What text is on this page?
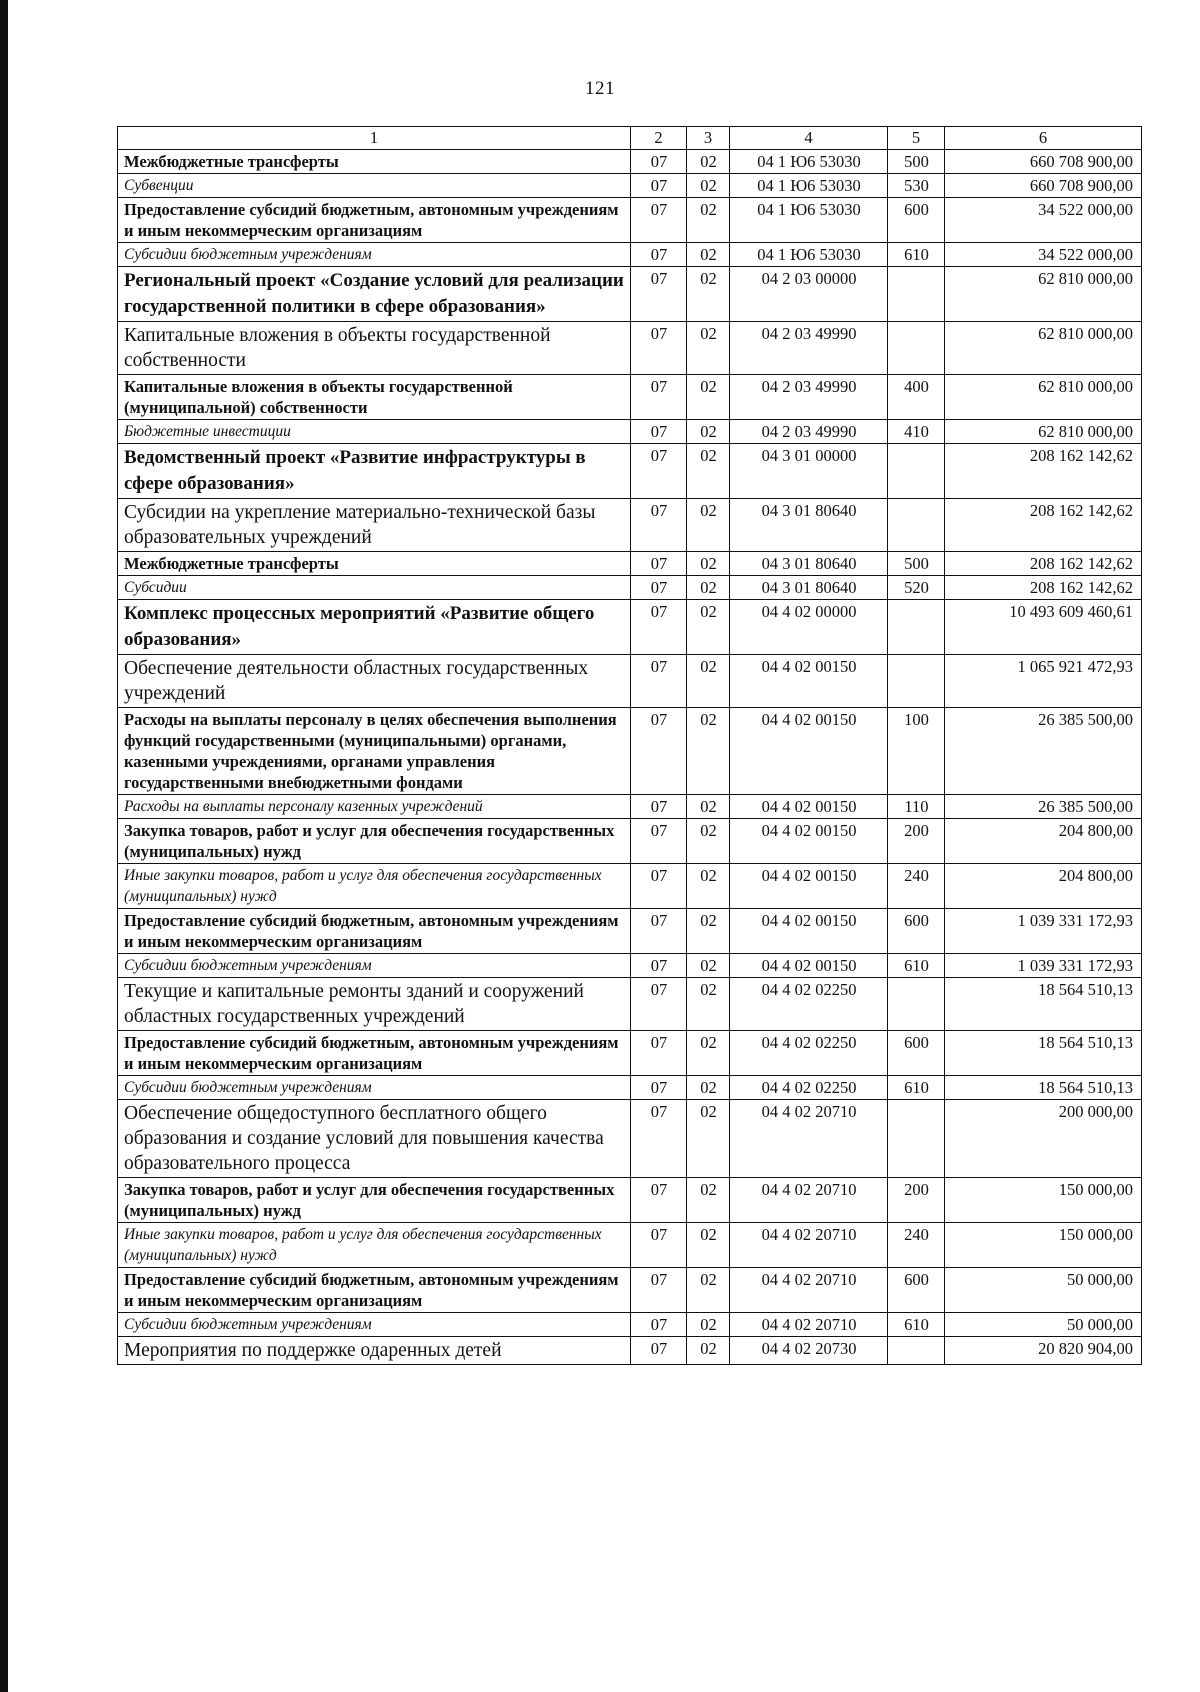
121
1	2	3	4	5	6
Межбюджетные трансферты	07	02	04 1 Ю6 53030	500	660 708 900,00
Субвенции	07	02	04 1 Ю6 53030	530	660 708 900,00
Предоставление субсидий бюджетным, автономным учреждениям и иным некоммерческим организациям	07	02	04 1 Ю6 53030	600	34 522 000,00
Субсидии бюджетным учреждениям	07	02	04 1 Ю6 53030	610	34 522 000,00
Региональный проект «Создание условий для реализации государственной политики в сфере образования»	07	02	04 2 03 00000		62 810 000,00
Капитальные вложения в объекты государственной собственности	07	02	04 2 03 49990		62 810 000,00
Капитальные вложения в объекты государственной (муниципальной) собственности	07	02	04 2 03 49990	400	62 810 000,00
Бюджетные инвестиции	07	02	04 2 03 49990	410	62 810 000,00
Ведомственный проект «Развитие инфраструктуры в сфере образования»	07	02	04 3 01 00000		208 162 142,62
Субсидии на укрепление материально-технической базы образовательных учреждений	07	02	04 3 01 80640		208 162 142,62
Межбюджетные трансферты	07	02	04 3 01 80640	500	208 162 142,62
Субсидии	07	02	04 3 01 80640	520	208 162 142,62
Комплекс процессных мероприятий «Развитие общего образования»	07	02	04 4 02 00000		10 493 609 460,61
Обеспечение деятельности областных государственных учреждений	07	02	04 4 02 00150		1 065 921 472,93
Расходы на выплаты персоналу в целях обеспечения выполнения функций государственными (муниципальными) органами, казенными учреждениями, органами управления государственными внебюджетными фондами	07	02	04 4 02 00150	100	26 385 500,00
Расходы на выплаты персоналу казенных учреждений	07	02	04 4 02 00150	110	26 385 500,00
Закупка товаров, работ и услуг для обеспечения государственных (муниципальных) нужд	07	02	04 4 02 00150	200	204 800,00
Иные закупки товаров, работ и услуг для обеспечения государственных (муниципальных) нужд	07	02	04 4 02 00150	240	204 800,00
Предоставление субсидий бюджетным, автономным учреждениям и иным некоммерческим организациям	07	02	04 4 02 00150	600	1 039 331 172,93
Субсидии бюджетным учреждениям	07	02	04 4 02 00150	610	1 039 331 172,93
Текущие и капитальные ремонты зданий и сооружений областных государственных учреждений	07	02	04 4 02 02250		18 564 510,13
Предоставление субсидий бюджетным, автономным учреждениям и иным некоммерческим организациям	07	02	04 4 02 02250	600	18 564 510,13
Субсидии бюджетным учреждениям	07	02	04 4 02 02250	610	18 564 510,13
Обеспечение общедоступного бесплатного общего образования и создание условий для повышения качества образовательного процесса	07	02	04 4 02 20710		200 000,00
Закупка товаров, работ и услуг для обеспечения государственных (муниципальных) нужд	07	02	04 4 02 20710	200	150 000,00
Иные закупки товаров, работ и услуг для обеспечения государственных (муниципальных) нужд	07	02	04 4 02 20710	240	150 000,00
Предоставление субсидий бюджетным, автономным учреждениям и иным некоммерческим организациям	07	02	04 4 02 20710	600	50 000,00
Субсидии бюджетным учреждениям	07	02	04 4 02 20710	610	50 000,00
Мероприятия по поддержке одаренных детей	07	02	04 4 02 20730		20 820 904,00
